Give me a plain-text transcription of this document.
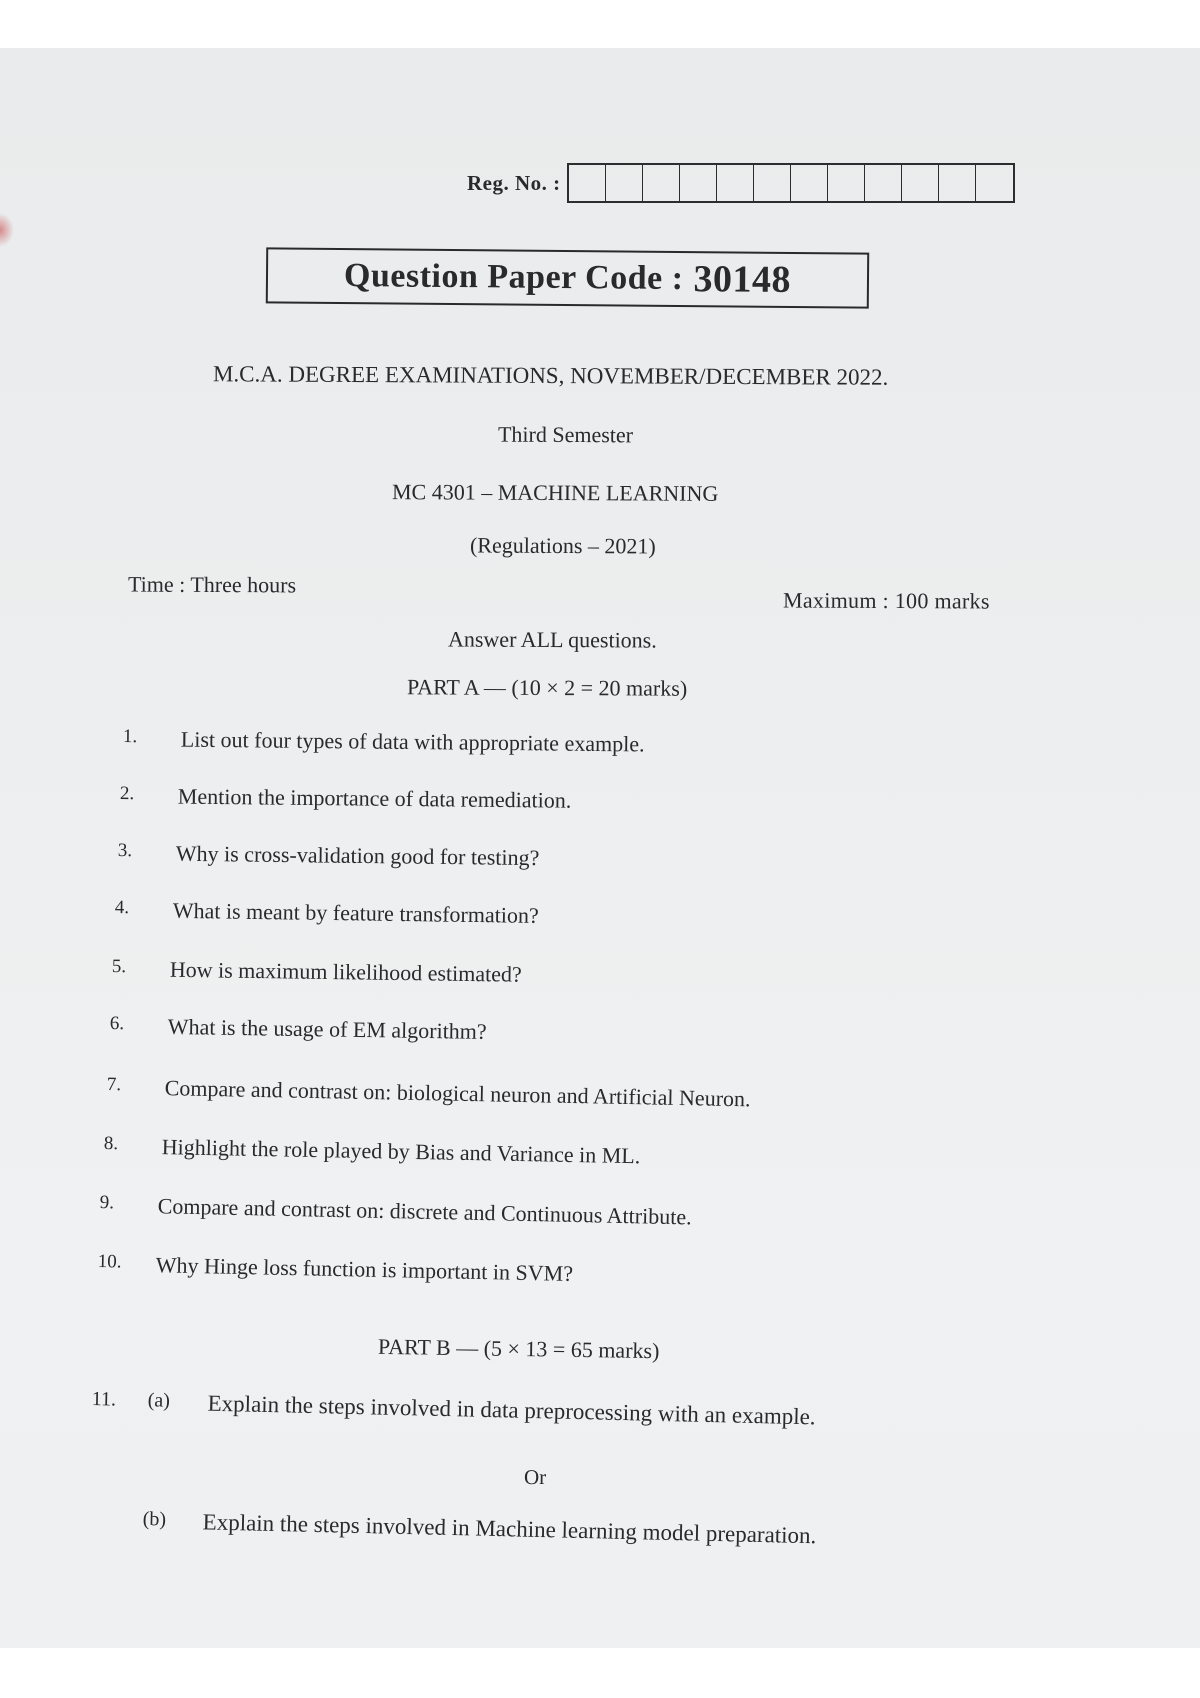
Reg. No. :
Question Paper Code : 30148
M.C.A. DEGREE EXAMINATIONS, NOVEMBER/DECEMBER 2022.
Third Semester
MC 4301 – MACHINE LEARNING
(Regulations – 2021)
Time : Three hours
Maximum : 100 marks
Answer ALL questions.
PART A — (10 × 2 = 20 marks)
1. List out four types of data with appropriate example.
2. Mention the importance of data remediation.
3. Why is cross-validation good for testing?
4. What is meant by feature transformation?
5. How is maximum likelihood estimated?
6. What is the usage of EM algorithm?
7. Compare and contrast on: biological neuron and Artificial Neuron.
8. Highlight the role played by Bias and Variance in ML.
9. Compare and contrast on: discrete and Continuous Attribute.
10. Why Hinge loss function is important in SVM?
PART B — (5 × 13 = 65 marks)
11. (a) Explain the steps involved in data preprocessing with an example.
Or
(b) Explain the steps involved in Machine learning model preparation.
